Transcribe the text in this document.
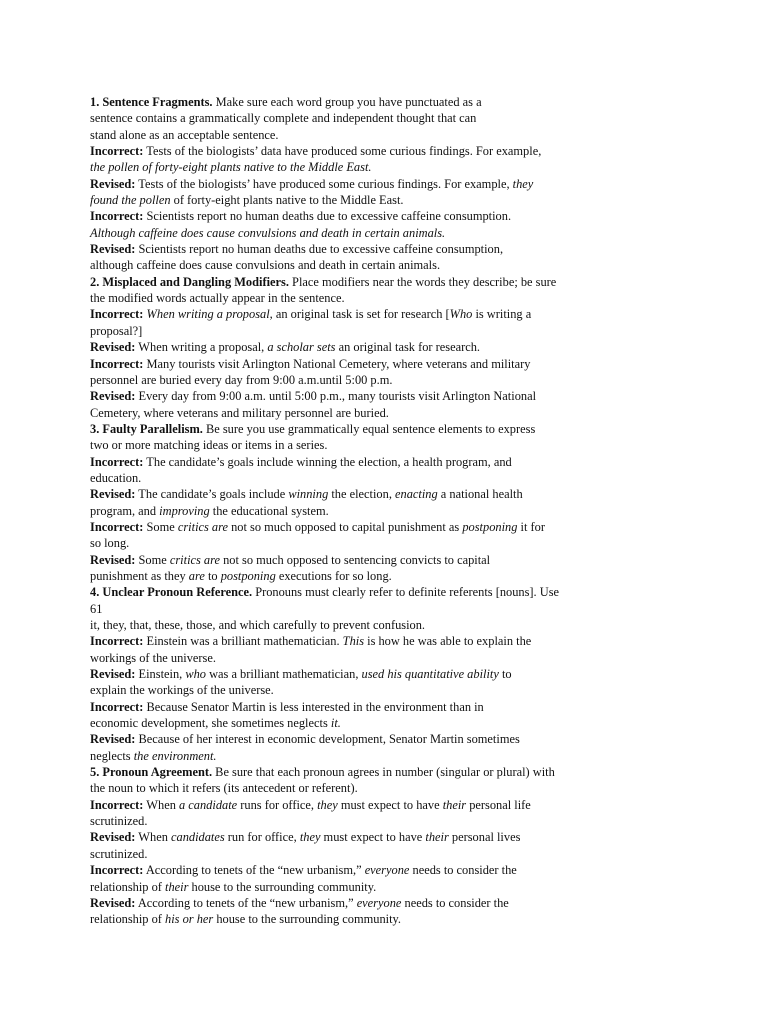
1. Sentence Fragments. Make sure each word group you have punctuated as a
sentence contains a grammatically complete and independent thought that can
stand alone as an acceptable sentence.
Incorrect: Tests of the biologists’ data have produced some curious findings. For example,
the pollen of forty-eight plants native to the Middle East.
Revised: Tests of the biologists’ have produced some curious findings. For example, they
found the pollen of forty-eight plants native to the Middle East.
Incorrect: Scientists report no human deaths due to excessive caffeine consumption.
Although caffeine does cause convulsions and death in certain animals.
Revised: Scientists report no human deaths due to excessive caffeine consumption,
although caffeine does cause convulsions and death in certain animals.
2. Misplaced and Dangling Modifiers. Place modifiers near the words they describe; be sure
the modified words actually appear in the sentence.
Incorrect: When writing a proposal, an original task is set for research [Who is writing a
proposal?]
Revised: When writing a proposal, a scholar sets an original task for research.
Incorrect: Many tourists visit Arlington National Cemetery, where veterans and military
personnel are buried every day from 9:00 a.m.until 5:00 p.m.
Revised: Every day from 9:00 a.m. until 5:00 p.m., many tourists visit Arlington National
Cemetery, where veterans and military personnel are buried.
3. Faulty Parallelism. Be sure you use grammatically equal sentence elements to express
two or more matching ideas or items in a series.
Incorrect: The candidate’s goals include winning the election, a health program, and
education.
Revised: The candidate’s goals include winning the election, enacting a national health
program, and improving the educational system.
Incorrect: Some critics are not so much opposed to capital punishment as postponing it for
so long.
Revised: Some critics are not so much opposed to sentencing convicts to capital
punishment as they are to postponing executions for so long.
4. Unclear Pronoun Reference. Pronouns must clearly refer to definite referents [nouns]. Use
61
it, they, that, these, those, and which carefully to prevent confusion.
Incorrect: Einstein was a brilliant mathematician. This is how he was able to explain the
workings of the universe.
Revised: Einstein, who was a brilliant mathematician, used his quantitative ability to
explain the workings of the universe.
Incorrect: Because Senator Martin is less interested in the environment than in
economic development, she sometimes neglects it.
Revised: Because of her interest in economic development, Senator Martin sometimes
neglects the environment.
5. Pronoun Agreement. Be sure that each pronoun agrees in number (singular or plural) with
the noun to which it refers (its antecedent or referent).
Incorrect: When a candidate runs for office, they must expect to have their personal life
scrutinized.
Revised: When candidates run for office, they must expect to have their personal lives
scrutinized.
Incorrect: According to tenets of the “new urbanism,” everyone needs to consider the
relationship of their house to the surrounding community.
Revised: According to tenets of the “new urbanism,” everyone needs to consider the
relationship of his or her house to the surrounding community.
